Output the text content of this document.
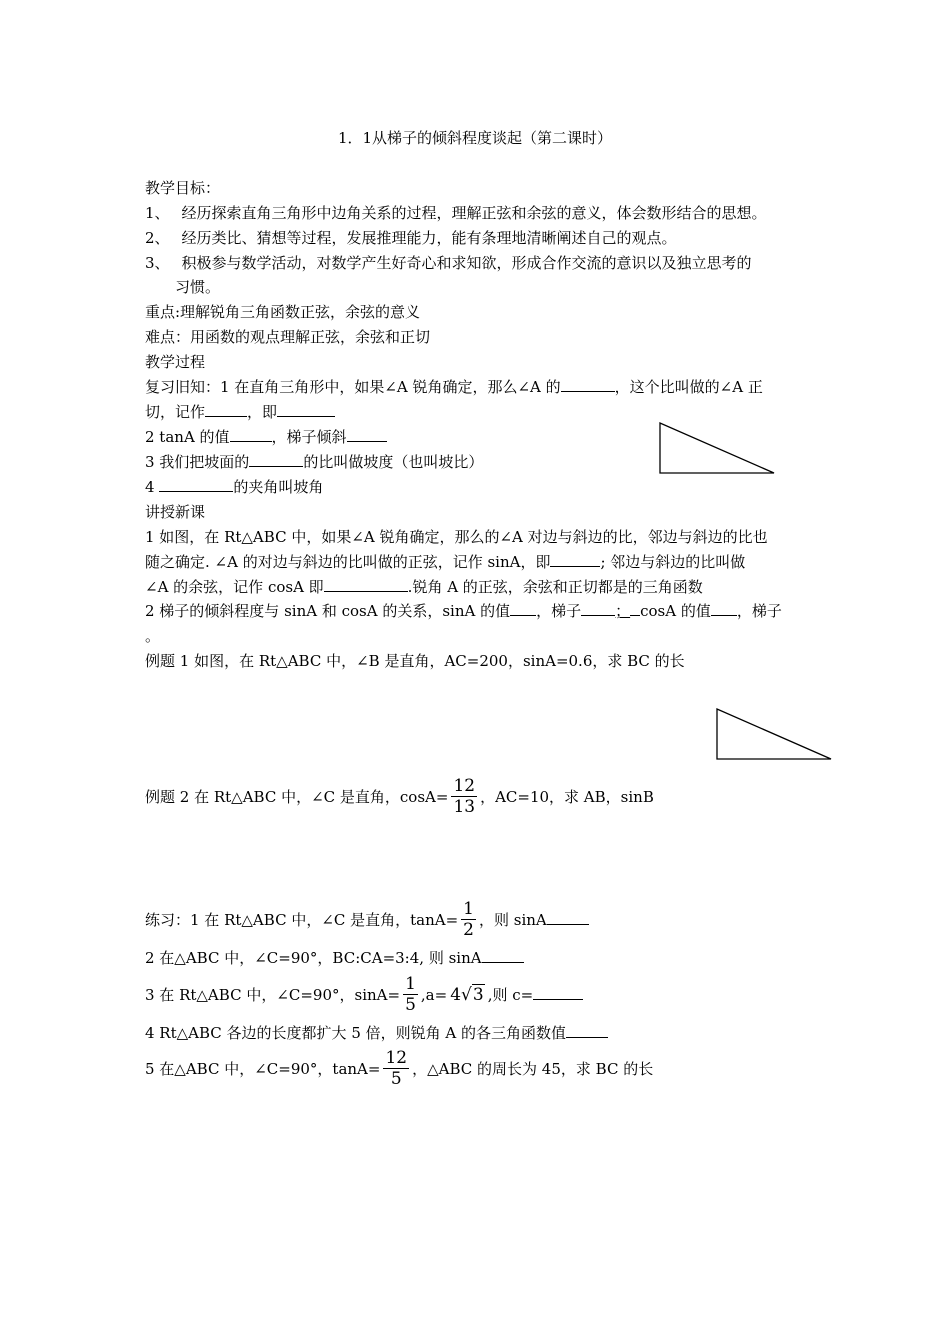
1．1从梯子的倾斜程度谈起（第二课时）
教学目标：
1、 经历探索直角三角形中边角关系的过程，理解正弦和余弦的意义，体会数形结合的思想。
2、 经历类比、猜想等过程，发展推理能力，能有条理地清晰阐述自己的观点。
3、 积极参与数学活动，对数学产生好奇心和求知欲，形成合作交流的意识以及独立思考的
习惯。
重点:理解锐角三角函数正弦，余弦的意义
难点：用函数的观点理解正弦，余弦和正切
教学过程
复习旧知：1 在直角三角形中，如果∠A 锐角确定，那么∠A 的	，这个比叫做的∠A 正
切，记作	，即
2 tanA 的值	，梯子倾斜
3 我们把坡面的	的比叫做坡度（也叫坡比）
4	的夹角叫坡角
讲授新课
1 如图，在 Rt△ABC 中，如果∠A 锐角确定，那么的∠A 对边与斜边的比，邻边与斜边的比也
随之确定. ∠A 的对边与斜边的比叫做的正弦，记作 sinA，即	; 邻边与斜边的比叫做
∠A 的余弦，记作 cosA 即	.锐角 A 的正弦，余弦和正切都是的三角函数
2 梯子的倾斜程度与 sinA 和 cosA 的关系，sinA 的值 ，梯子 ； cosA 的值 ，梯子
。
例题 1 如图，在 Rt△ABC 中，∠B 是直角，AC=200，sinA=0.6，求 BC 的长
例题 2 在 Rt△ABC 中，∠C 是直角，$\cos A= \frac{12}{13}$ ，AC=10，求 AB，sinB
练习：1 在 Rt△ABC 中，∠C 是直角，$\tan A= \frac{1}{2}$ ，则 sinA
2 在△ABC 中，∠C=90°，BC:CA=3:4, 则 sinA
3 在 Rt△ABC 中，∠C=90°，$\sin A= \frac{1}{5} ,a= 4√3$ ,则 c=
4 Rt△ABC 各边的长度都扩大 5 倍，则锐角 A 的各三角函数值
5 在△ABC 中，∠C=90°，$\tan A= \frac{12}{5}$ ，△ABC 的周长为 45，求 BC 的长
